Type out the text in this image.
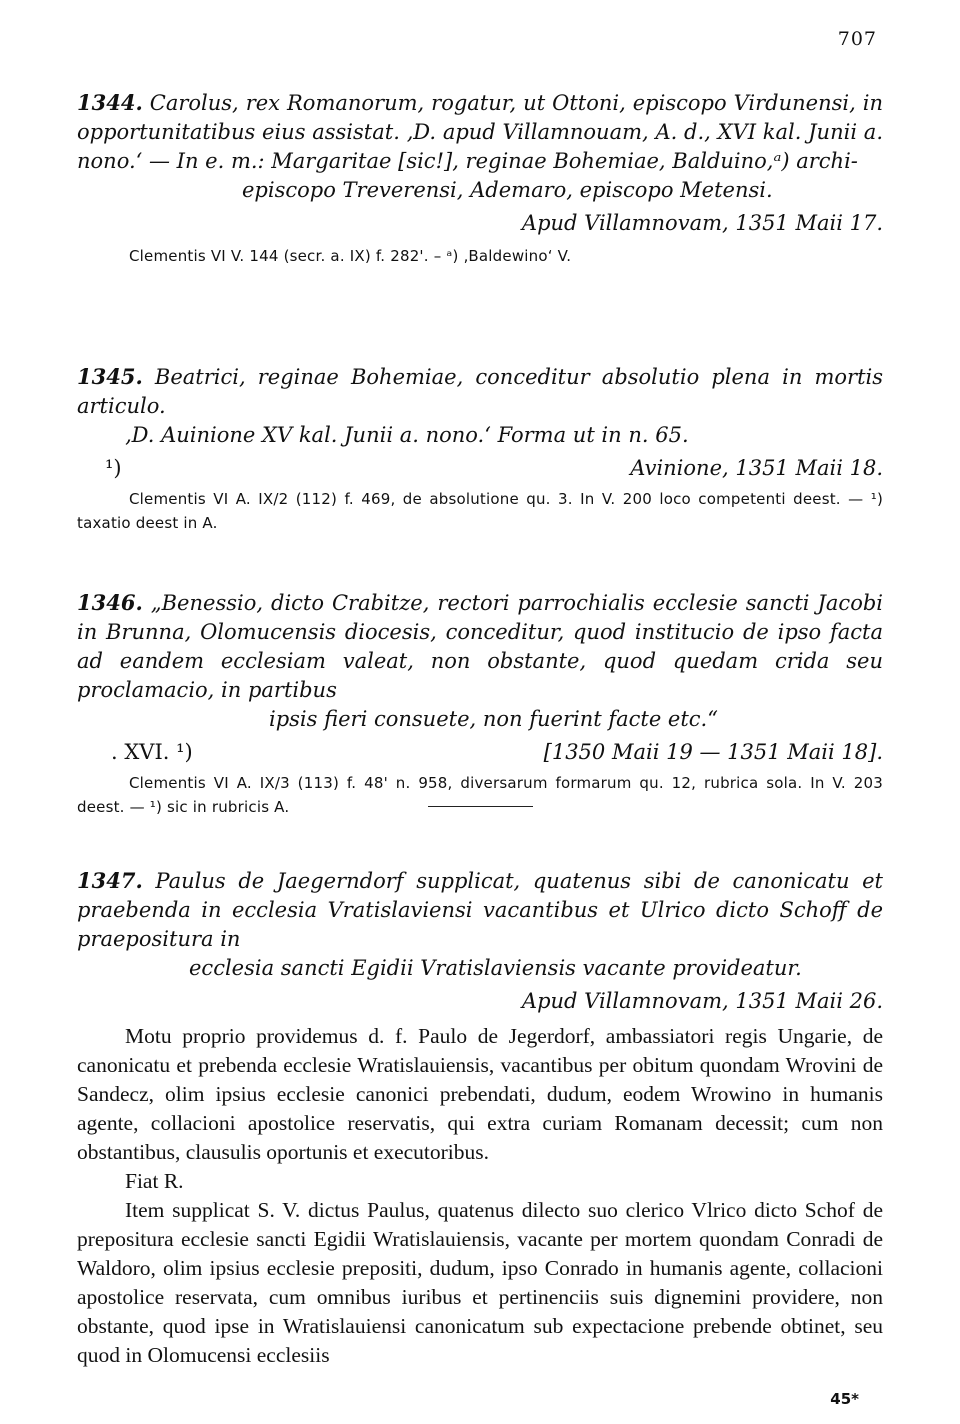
707

1344. Carolus, rex Romanorum, rogatur, ut Ottoni, episcopo Virdunensi, in opportunitatibus eius assistat. ‚D. apud Villamnouam, A. d., XVI kal. Junii a. nono.‘ — In e. m.: Margaritae [sic!], reginae Bohemiae, Balduino,ᵃ) archi-
episcopo Treverensi, Ademaro, episcopo Metensi.

Apud Villamnovam, 1351 Maii 17.

Clementis VI V. 144 (secr. a. IX) f. 282'. – ᵃ) ‚Baldewino‘ V.

1345. Beatrici, reginae Bohemiae, conceditur absolutio plena in mortis articulo.
‚D. Auinione XV kal. Junii a. nono.‘ Forma ut in n. 65.

¹)	Avinione, 1351 Maii 18.

Clementis VI A. IX/2 (112) f. 469, de absolutione qu. 3. In V. 200 loco competenti deest. — ¹) taxatio deest in A.

1346. „Benessio, dicto Crabitze, rectori parrochialis ecclesie sancti Jacobi in Brunna, Olomucensis diocesis, conceditur, quod institucio de ipso facta ad eandem ecclesiam valeat, non obstante, quod quedam crida seu proclamacio, in partibus
ipsis fieri consuete, non fuerint facte etc.“

. XVI. ¹)	[1350 Maii 19 — 1351 Maii 18].

Clementis VI A. IX/3 (113) f. 48' n. 958, diversarum formarum qu. 12, rubrica sola. In V. 203 deest. — ¹) sic in rubricis A.

1347. Paulus de Jaegerndorf supplicat, quatenus sibi de canonicatu et praebenda in ecclesia Vratislaviensi vacantibus et Ulrico dicto Schoff de praepositura in
ecclesia sancti Egidii Vratislaviensis vacante provideatur.

Apud Villamnovam, 1351 Maii 26.

Motu proprio providemus d. f. Paulo de Jegerdorf, ambassiatori regis Ungarie, de canonicatu et prebenda ecclesie Wratislauiensis, vacantibus per obitum quondam Wrovini de Sandecz, olim ipsius ecclesie canonici prebendati, dudum, eodem Wrowino in humanis agente, collacioni apostolice reservatis, qui extra curiam Romanam decessit; cum non obstantibus, clausulis oportunis et executoribus.

Fiat R.

Item supplicat S. V. dictus Paulus, quatenus dilecto suo clerico Vlrico dicto Schof de prepositura ecclesie sancti Egidii Wratislauiensis, vacante per mortem quondam Conradi de Waldoro, olim ipsius ecclesie prepositi, dudum, ipso Conrado in humanis agente, collacioni apostolice reservata, cum omnibus iuribus et pertinenciis suis dignemini providere, non obstante, quod ipse in Wratislauiensi canonicatum sub expectacione prebende obtinet, seu quod in Olomucensi ecclesiis

45*
